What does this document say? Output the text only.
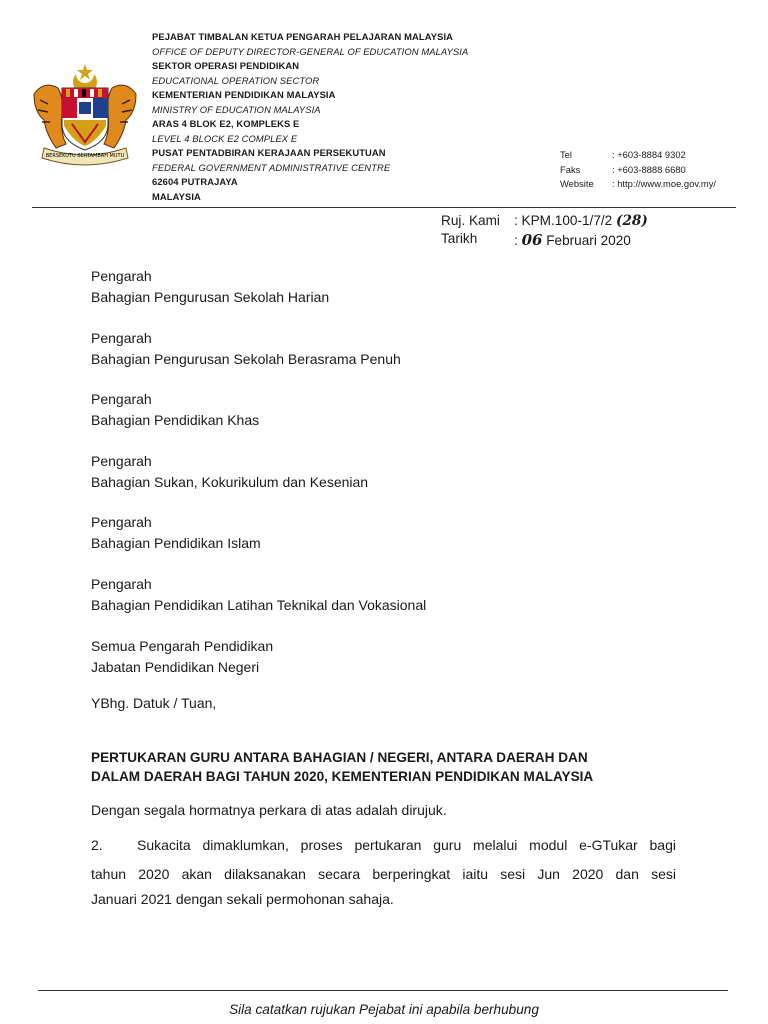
BERSEKUTU BERTAMBAH MUTU
PEJABAT TIMBALAN KETUA PENGARAH PELAJARAN MALAYSIA
OFFICE OF DEPUTY DIRECTOR-GENERAL OF EDUCATION MALAYSIA
SEKTOR OPERASI PENDIDIKAN
EDUCATIONAL OPERATION SECTOR
KEMENTERIAN PENDIDIKAN MALAYSIA
MINISTRY OF EDUCATION MALAYSIA
ARAS 4 BLOK E2, KOMPLEKS E
LEVEL 4 BLOCK E2 COMPLEX E
PUSAT PENTADBIRAN KERAJAAN PERSEKUTUAN
FEDERAL GOVERNMENT ADMINISTRATIVE CENTRE
62604 PUTRAJAYA
MALAYSIA
Tel	: +603-8884 9302
Faks	: +603-8888 6680
Website : http://www.moe.gov.my/
Ruj. Kami : KPM.100-1/7/2 (28)
Tarikh	: 06 Februari 2020
Pengarah
Bahagian Pengurusan Sekolah Harian
Pengarah
Bahagian Pengurusan Sekolah Berasrama Penuh
Pengarah
Bahagian Pendidikan Khas
Pengarah
Bahagian Sukan, Kokurikulum dan Kesenian
Pengarah
Bahagian Pendidikan Islam
Pengarah
Bahagian Pendidikan Latihan Teknikal dan Vokasional
Semua Pengarah Pendidikan
Jabatan Pendidikan Negeri
YBhg. Datuk / Tuan,
PERTUKARAN GURU ANTARA BAHAGIAN / NEGERI, ANTARA DAERAH DAN
DALAM DAERAH BAGI TAHUN 2020, KEMENTERIAN PENDIDIKAN MALAYSIA
Dengan segala hormatnya perkara di atas adalah dirujuk.
2. Sukacita dimaklumkan, proses pertukaran guru melalui modul e-GTukar bagi
tahun 2020 akan dilaksanakan secara berperingkat iaitu sesi Jun 2020 dan sesi
Januari 2021 dengan sekali permohonan sahaja.
Sila catatkan rujukan Pejabat ini apabila berhubung
